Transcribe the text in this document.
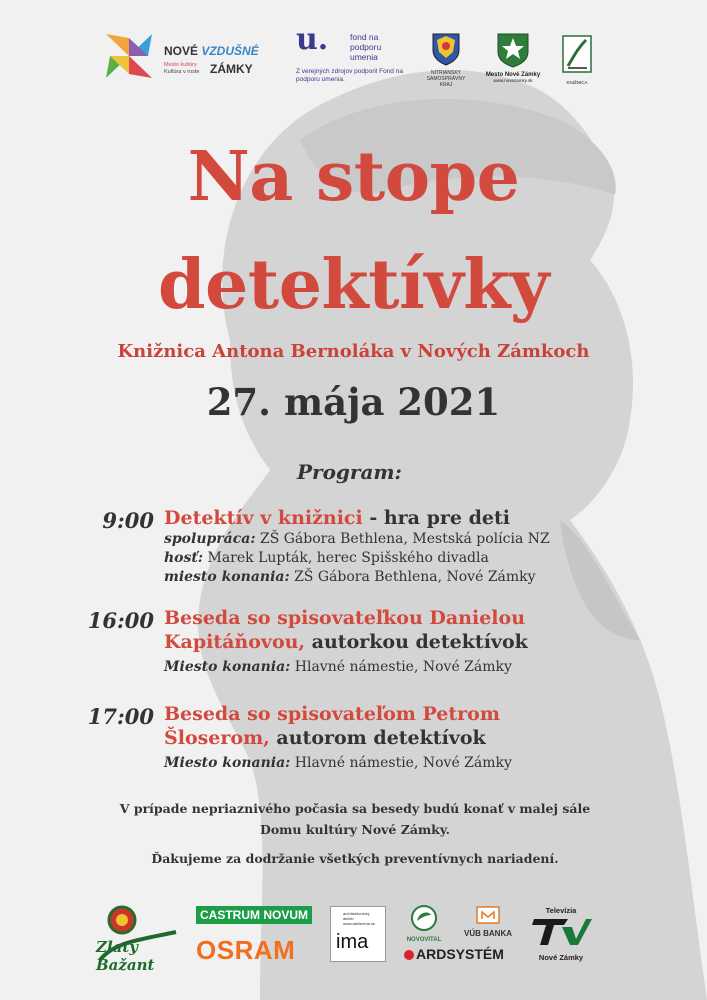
NOVÉ VZDUŠNÉ
Mesto kultúry
Kultúra v roste ZÁMKY
u.	fond na podporu umenia
Z verejných zdrojov podporil Fond na podporu umenia.
NITRIANSKY SAMOSPRÁVNY KRAJ
Mesto Nové Zámky
www.novezamky.sk	KNIŽNICA
Na stope
detektívky
Knižnica Antona Bernoláka v Nových Zámkoch
27. mája 2021
Program:
9:00 Detektív v knižnici - hra pre deti
spolupráca: ZŠ Gábora Bethlena, Mestská polícia NZ
hosť: Marek Lupták, herec Spišského divadla
miesto konania: ZŠ Gábora Bethlena, Nové Zámky
16:00 Beseda so spisovateľkou Danielou
Kapitáňovou, autorkou detektívok
Miesto konania: Hlavné námestie, Nové Zámky
17:00 Beseda so spisovateľom Petrom
Šloserom, autorom detektívok
Miesto konania: Hlavné námestie, Nové Zámky
V prípade nepriaznivého počasia sa besedy budú konať v malej sále
Domu kultúry Nové Zámky.
Ďakujeme za dodržanie všetkých preventívnych nariadení.
Zlatý Bažant
CASTRUM NOVUM
OSRAM
architektonický ateliér www.atelierima.sk
ima	NOVOVITAL
VÚB BANKA
ARDSYSTÉM
Televízia
Nové Zámky
